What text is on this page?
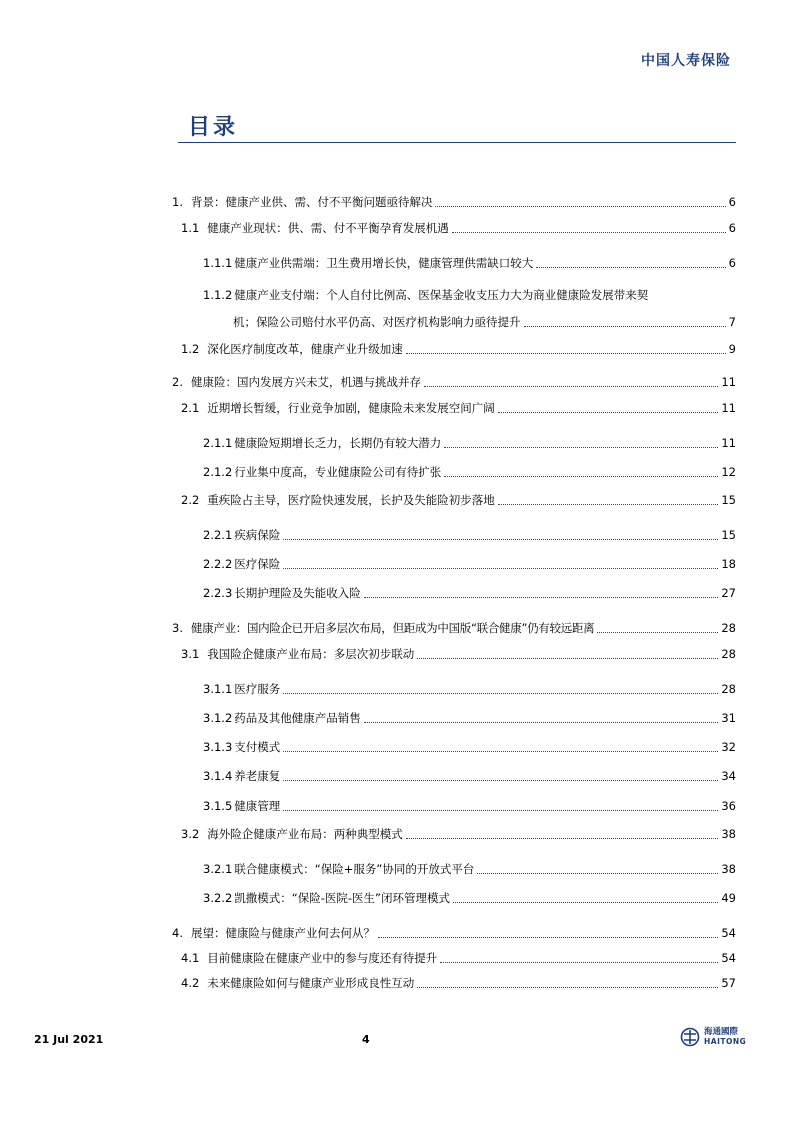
中国人寿保险
目录
1. 背景：健康产业供、需、付不平衡问题亟待解决	6
1.1 健康产业现状：供、需、付不平衡孕育发展机遇	6
1.1.1 健康产业供需端：卫生费用增长快，健康管理供需缺口较大	6
1.1.2 健康产业支付端：个人自付比例高、医保基金收支压力大为商业健康险发展带来契
机；保险公司赔付水平仍高、对医疗机构影响力亟待提升	7
1.2 深化医疗制度改革，健康产业升级加速	9
2. 健康险：国内发展方兴未艾，机遇与挑战并存	11
2.1 近期增长暂缓，行业竞争加剧，健康险未来发展空间广阔	11
2.1.1 健康险短期增长乏力，长期仍有较大潜力	11
2.1.2 行业集中度高，专业健康险公司有待扩张	12
2.2 重疾险占主导，医疗险快速发展，长护及失能险初步落地	15
2.2.1 疾病保险	15
2.2.2 医疗保险	18
2.2.3 长期护理险及失能收入险	27
3. 健康产业：国内险企已开启多层次布局，但距成为中国版“联合健康”仍有较远距离	28
3.1 我国险企健康产业布局：多层次初步联动	28
3.1.1 医疗服务	28
3.1.2 药品及其他健康产品销售	31
3.1.3 支付模式	32
3.1.4 养老康复	34
3.1.5 健康管理	36
3.2 海外险企健康产业布局：两种典型模式	38
3.2.1 联合健康模式：“保险+服务”协同的开放式平台	38
3.2.2 凯撒模式：“保险-医院-医生”闭环管理模式	49
4. 展望：健康险与健康产业何去何从？	54
4.1 目前健康险在健康产业中的参与度还有待提升	54
4.2 未来健康险如何与健康产业形成良性互动	57
21 Jul 2021	4
海通國際
HAITONG
